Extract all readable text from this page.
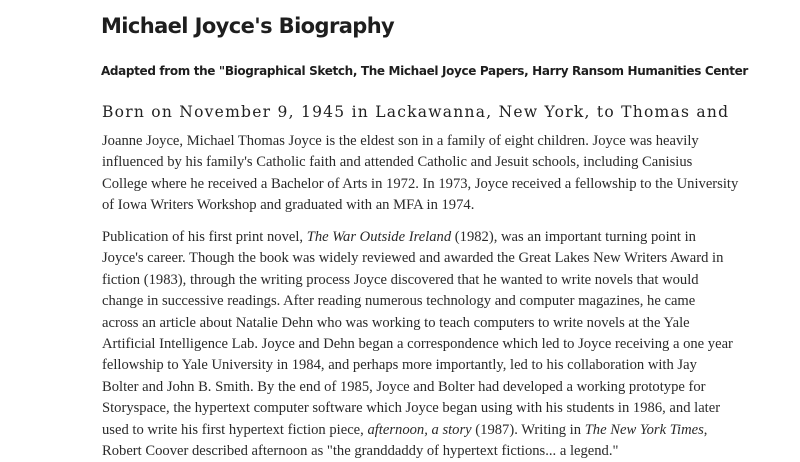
Michael Joyce's Biography
Adapted from the "Biographical Sketch, The Michael Joyce Papers, Harry Ransom Humanities Center

Born on November 9, 1945 in Lackawanna, New York, to Thomas and

Joanne Joyce, Michael Thomas Joyce is the eldest son in a family of eight children. Joyce was heavily
influenced by his family's Catholic faith and attended Catholic and Jesuit schools, including Canisius
College where he received a Bachelor of Arts in 1972. In 1973, Joyce received a fellowship to the University
of Iowa Writers Workshop and graduated with an MFA in 1974.
Publication of his first print novel, The War Outside Ireland (1982), was an important turning point in
Joyce's career. Though the book was widely reviewed and awarded the Great Lakes New Writers Award in
fiction (1983), through the writing process Joyce discovered that he wanted to write novels that would
change in successive readings. After reading numerous technology and computer magazines, he came
across an article about Natalie Dehn who was working to teach computers to write novels at the Yale
Artificial Intelligence Lab. Joyce and Dehn began a correspondence which led to Joyce receiving a one year
fellowship to Yale University in 1984, and perhaps more importantly, led to his collaboration with Jay
Bolter and John B. Smith. By the end of 1985, Joyce and Bolter had developed a working prototype for
Storyspace, the hypertext computer software which Joyce began using with his students in 1986, and later
used to write his first hypertext fiction piece, afternoon, a story (1987). Writing in The New York Times,
Robert Coover described afternoon as "the granddaddy of hypertext fictions... a legend."
